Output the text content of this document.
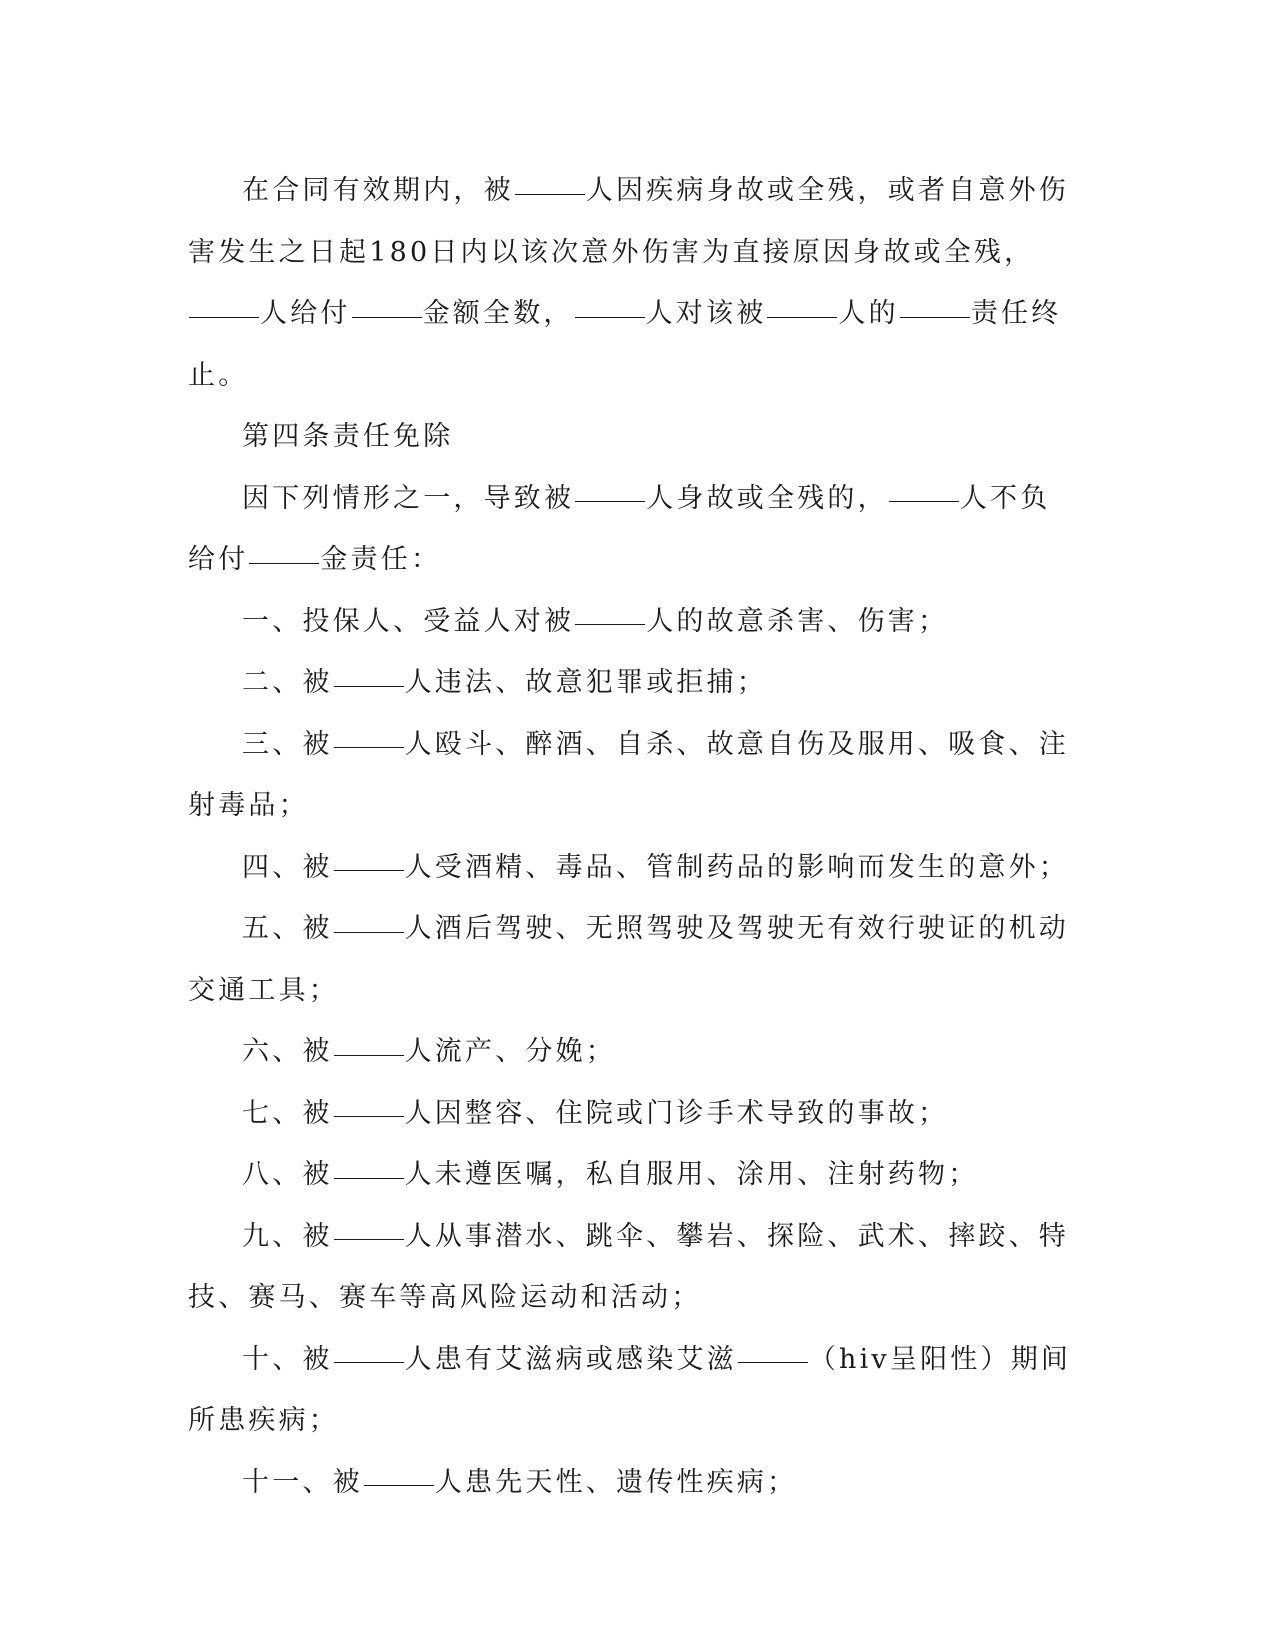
在合同有效期内，被	人因疾病身故或全残，或者自意外伤害发生之日起180日内以该次意外伤害为直接原因身故或全残，人给付	金额全数，	人对该被	人的	责任终止。

第四条责任免除

因下列情形之一，导致被	人身故或全残的，	人不负给付	金责任：

一、投保人、受益人对被	人的故意杀害、伤害；

二、被	人违法、故意犯罪或拒捕；

三、被	人殴斗、醉酒、自杀、故意自伤及服用、吸食、注射毒品；

四、被	人受酒精、毒品、管制药品的影响而发生的意外；

五、被	人酒后驾驶、无照驾驶及驾驶无有效行驶证的机动交通工具；

六、被	人流产、分娩；

七、被	人因整容、住院或门诊手术导致的事故；

八、被	人未遵医嘱，私自服用、涂用、注射药物；

九、被	人从事潜水、跳伞、攀岩、探险、武术、摔跤、特技、赛马、赛车等高风险运动和活动；

十、被	人患有艾滋病或感染艾滋	（hiv呈阳性）期间所患疾病；

十一、被	人患先天性、遗传性疾病；
